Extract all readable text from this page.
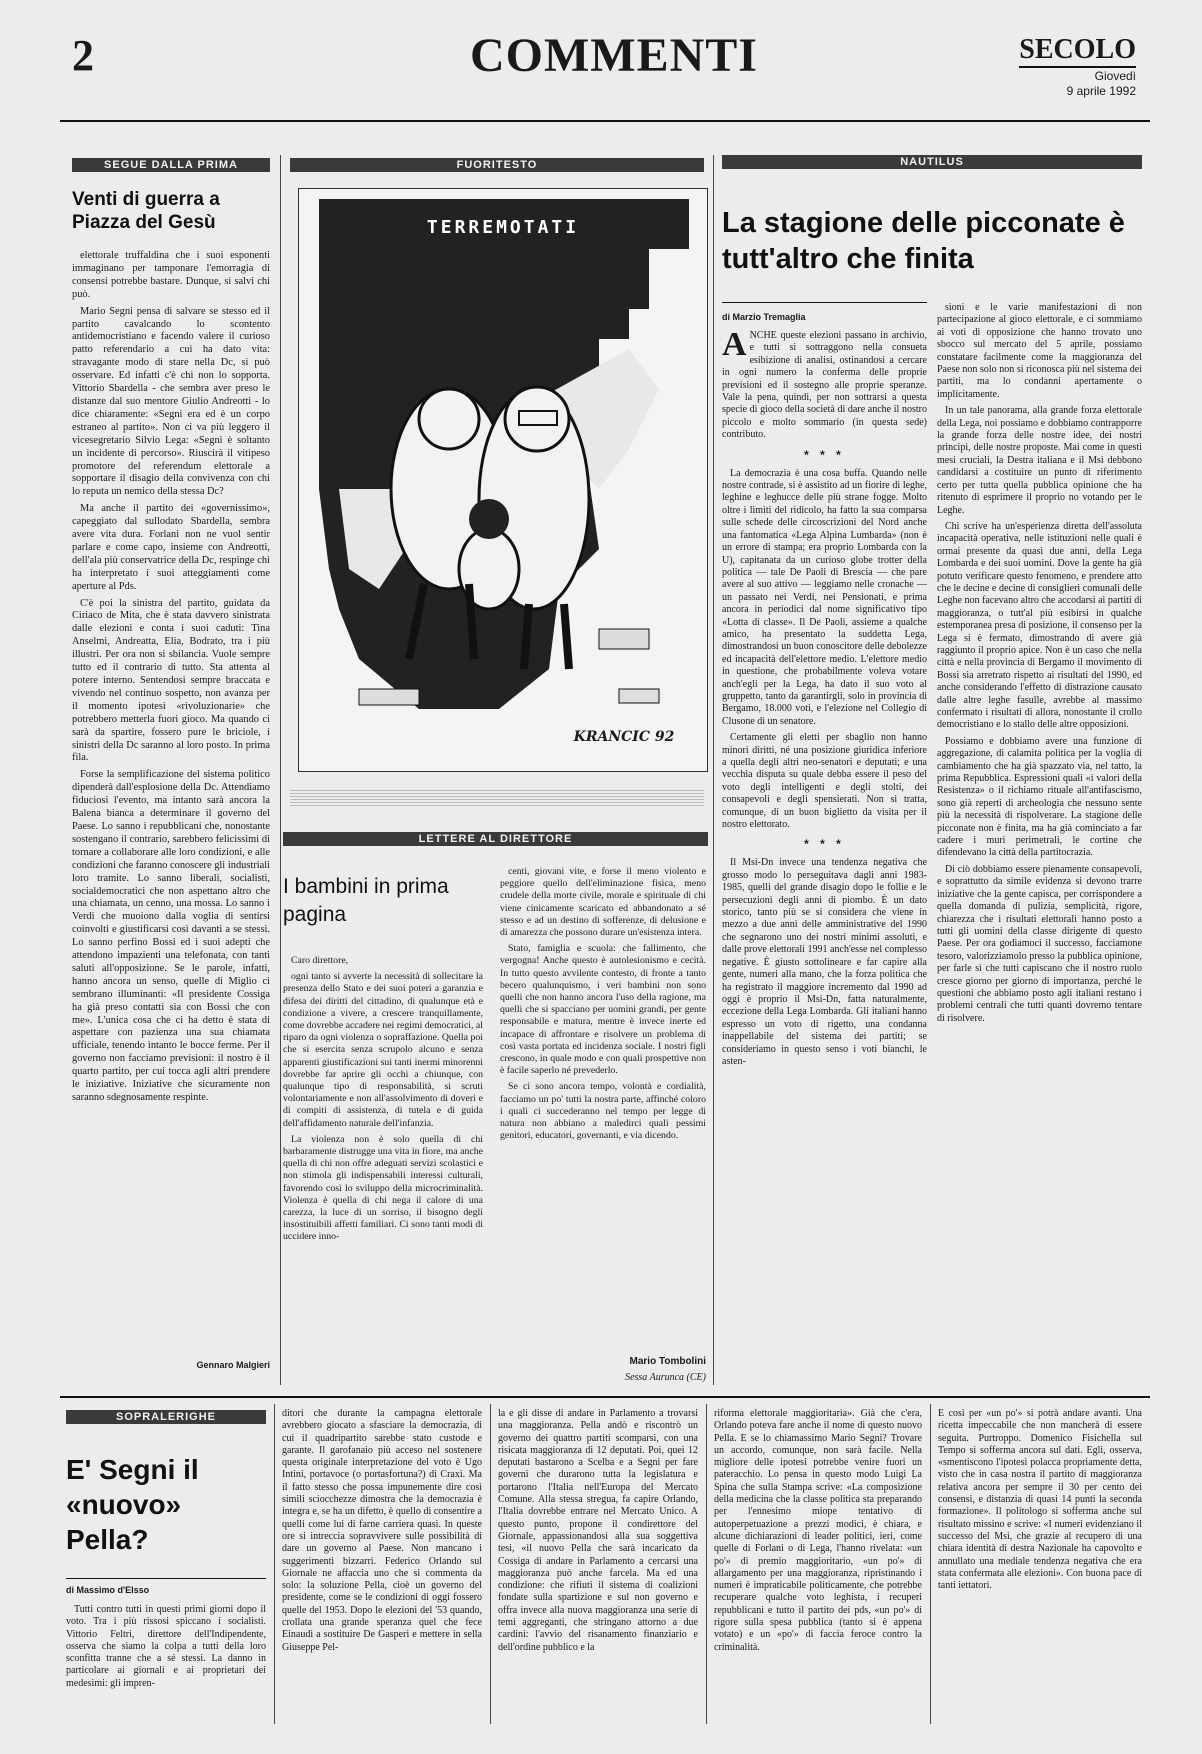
2	COMMENTI	SECOLO
Giovedì
9 aprile 1992
SEGUE DALLA PRIMA
Venti di guerra a Piazza del Gesù

elettorale truffaldina che i suoi esponenti immaginano per tamponare l'emorragia di consensi potrebbe bastare. Dunque, si salvi chi può.

Mario Segni pensa di salvare se stesso ed il partito cavalcando lo scontento antidemocristiano e facendo valere il curioso patto referendario a cui ha dato vita: stravagante modo di stare nella Dc, si può osservare. Ed infatti c'è chi non lo sopporta. Vittorio Sbardella - che sembra aver preso le distanze dal suo mentore Giulio Andreotti - lo dice chiaramente: «Segni era ed è un corpo estraneo al partito». Non ci va più leggero il vicesegretario Silvio Lega: «Segni è soltanto un incidente di percorso». Riuscirà il vitipeso promotore del referendum elettorale a sopportare il disagio della convivenza con chi lo reputa un nemico della stessa Dc?

Ma anche il partito dei «governissimo», capeggiato dal sullodato Sbardella, sembra avere vita dura. Forlani non ne vuol sentir parlare e come capo, insieme con Andreotti, dell'ala più conservatrice della Dc, respinge chi ha interpretato i suoi atteggiamenti come aperture al Pds.

C'è poi la sinistra del partito, guidata da Ciriaco de Mita, che è stata davvero sinistrata dalle elezioni e conta i suoi caduti: Tina Anselmi, Andreatta, Elia, Bodrato, tra i più illustri. Per ora non si sbilancia. Vuole sempre tutto ed il contrario di tutto. Sta attenta al potere interno. Sentendosi sempre braccata e vivendo nel continuo sospetto, non avanza per il momento ipotesi «rivoluzionarie» che potrebbero metterla fuori gioco. Ma quando ci sarà da spartire, fossero pure le briciole, i sinistri della Dc saranno al loro posto. In prima fila.

Forse la semplificazione del sistema politico dipenderà dall'esplosione della Dc. Attendiamo fiduciosi l'evento, ma intanto sarà ancora la Balena bianca a determinare il governo del Paese. Lo sanno i repubblicani che, nonostante sostengano il contrario, sarebbero felicissimi di tornare a collaborare alle loro condizioni, e alle condizioni che faranno conoscere gli industriali loro tramite. Lo sanno liberali, socialisti, socialdemocratici che non aspettano altro che una chiamata, un cenno, una mossa. Lo sanno i Verdi che muoiono dalla voglia di sentirsi coinvolti e giustificarsi così davanti a se stessi. Lo sanno perfino Bossi ed i suoi adepti che attendono impazienti una telefonata, con tanti saluti all'opposizione. Se le parole, infatti, hanno ancora un senso, quelle di Miglio ci sembrano illuminanti: «Il presidente Cossiga ha già preso contatti sia con Bossi che con me». L'unica cosa che ci ha detto è stata di aspettare con pazienza una sua chiamata ufficiale, tenendo intanto le bocce ferme. Per il governo non facciamo previsioni: il nostro è il quarto partito, per cui tocca agli altri prendere le iniziative. Iniziative che sicuramente non saranno sdegnosamente respinte.

Gennaro Malgieri
FUORITESTO
TERREMOTATI
KRANCIC 92
LETTERE AL DIRETTORE
I bambini in prima pagina

Caro direttore,

ogni tanto si avverte la necessità di sollecitare la presenza dello Stato e dei suoi poteri a garanzia e difesa dei diritti del cittadino, di qualunque età e condizione a vivere, a crescere tranquillamente, come dovrebbe accadere nei regimi democratici, al riparo da ogni violenza o sopraffazione. Quella poi che si esercita senza scrupolo alcuno e senza apparenti giustificazioni sui tanti inermi minorenni dovrebbe far aprire gli occhi a chiunque, con qualunque tipo di responsabilità, si scruti volontariamente e non all'assolvimento di doveri e di compiti di assistenza, di tutela e di guida dell'affidamento naturale dell'infanzia.

La violenza non è solo quella di chi barbaramente distrugge una vita in fiore, ma anche quella di chi non offre adeguati servizi scolastici e non stimola gli indispensabili interessi culturali, favorendo così lo sviluppo della microcriminalità. Violenza è quella di chi nega il calore di una carezza, la luce di un sorriso, il bisogno degli insostituibili affetti familiari. Ci sono tanti modi di uccidere inno-

centi, giovani vite, e forse il meno violento e peggiore quello dell'eliminazione fisica, meno crudele della morte civile, morale e spirituale di chi viene cinicamente scaricato ed abbandonato a sé stesso e ad un destino di sofferenze, di delusione e di amarezza che possono durare un'esistenza intera.

Stato, famiglia e scuola: che fallimento, che vergogna! Anche questo è autolesionismo e cecità. In tutto questo avvilente contesto, di fronte a tanto becero qualunquismo, i veri bambini non sono quelli che non hanno ancora l'uso della ragione, ma quelli che si spacciano per uomini grandi, per gente responsabile e matura, mentre è invece inerte ed incapace di affrontare e risolvere un problema di così vasta portata ed incidenza sociale. I nostri figli crescono, in quale modo e con quali prospettive non è facile saperlo né prevederlo.

Se ci sono ancora tempo, volontà e cordialità, facciamo un po' tutti la nostra parte, affinché coloro i quali ci succederanno nel tempo per legge di natura non abbiano a maledirci quali pessimi genitori, educatori, governanti, e via dicendo.

Mario Tombolini
Sessa Aurunca (CE)
NAUTILUS
La stagione delle picconate è tutt'altro che finita
di Marzio Tremaglia

ANCHE queste elezioni passano in archivio, e tutti si sottraggono nella consueta esibizione di analisi, ostinandosi a cercare in ogni numero la conferma delle proprie previsioni ed il sostegno alle proprie speranze. Vale la pena, quindi, per non sottrarsi a questa specie di gioco della società di dare anche il nostro piccolo e molto sommario (in questa sede) contributo.

* * *

La democrazia è una cosa buffa. Quando nelle nostre contrade, si è assistito ad un fiorire di leghe, leghine e leghucce delle più strane fogge. Molto oltre i limiti del ridicolo, ha fatto la sua comparsa sulle schede delle circoscrizioni del Nord anche una fantomatica «Lega Alpina Lumbarda» (non è un errore di stampa; era proprio Lombarda con la U), capitanata da un curioso globe trotter della politica — tale De Paoli di Brescia — che pare avere al suo attivo — leggiamo nelle cronache — un passato nei Verdi, nei Pensionati, e prima ancora in periodici dal nome significativo tipo «Lotta di classe». Il De Paoli, assieme a qualche amico, ha presentato la suddetta Lega, dimostrandosi un buon conoscitore delle debolezze ed incapacità dell'elettore medio. L'elettore medio in questione, che probabilmente voleva votare anch'egli per la Lega, ha dato il suo voto al gruppetto, tanto da garantirgli, solo in provincia di Bergamo, 18.000 voti, e l'elezione nel Collegio di Clusone di un senatore.

Certamente gli eletti per sbaglio non hanno minori diritti, né una posizione giuridica inferiore a quella degli altri neo-senatori e deputati; e una vecchia disputa su quale debba essere il peso del voto degli intelligenti e degli stolti, dei consapevoli e degli spensierati. Non si tratta, comunque, di un buon biglietto da visita per il nostro elettorato.

* * *

Il Msi-Dn invece una tendenza negativa che grosso modo lo perseguitava dagli anni 1983-1985, quelli del grande disagio dopo le follie e le persecuzioni degli anni di piombo. È un dato storico, tanto più se si considera che viene in mezzo a due anni delle amministrative del 1990 che segnarono uno dei nostri minimi assoluti, e dalle prove elettorali 1991 anch'esse nel complesso negative. È giusto sottolineare e far capire alla gente, numeri alla mano, che la forza politica che ha registrato il maggiore incremento dal 1990 ad oggi è proprio il Msi-Dn, fatta naturalmente, eccezione della Lega Lombarda. Gli italiani hanno espresso un voto di rigetto, una condanna inappellabile del sistema dei partiti; se consideriamo in questo senso i voti bianchi, le asten-

sioni e le varie manifestazioni di non partecipazione al gioco elettorale, e ci sommiamo ai voti di opposizione che hanno trovato uno sbocco sul mercato del 5 aprile, possiamo constatare facilmente come la maggioranza del Paese non solo non si riconosca più nel sistema dei partiti, ma lo condanni apertamente o implicitamente.

In un tale panorama, alla grande forza elettorale della Lega, noi possiamo e dobbiamo contrapporre la grande forza delle nostre idee, dei nostri principi, delle nostre proposte. Mai come in questi mesi cruciali, la Destra italiana e il Msi debbono candidarsi a costituire un punto di riferimento certo per tutta quella pubblica opinione che ha ritenuto di esprimere il proprio no votando per le Leghe.

Chi scrive ha un'esperienza diretta dell'assoluta incapacità operativa, nelle istituzioni nelle quali è ormai presente da quasi due anni, della Lega Lombarda e dei suoi uomini. Dove la gente ha già potuto verificare questo fenomeno, e prendere atto che le decine e decine di consiglieri comunali delle Leghe non facevano altro che accodarsi ai partiti di maggioranza, o tutt'al più esibirsi in qualche estemporanea presa di posizione, il consenso per la Lega si è fermato, dimostrando di avere già raggiunto il proprio apice. Non è un caso che nella città e nella provincia di Bergamo il movimento di Bossi sia arretrato rispetto ai risultati del 1990, ed anche considerando l'effetto di distrazione causato dalle altre leghe fasulle, avrebbe al massimo confermato i risultati di allora, nonostante il crollo democristiano e lo stallo delle altre opposizioni.

Possiamo e dobbiamo avere una funzione di aggregazione, di calamita politica per la voglia di cambiamento che ha già spazzato via, nel tatto, la prima Repubblica. Espressioni quali «i valori della Resistenza» o il richiamo rituale all'antifascismo, sono già reperti di archeologia che nessuno sente più la necessità di rispolverare. La stagione delle picconate non è finita, ma ha già cominciato a far cadere i muri perimetrali, le cortine che difendevano la città della partitocrazia.

Di ciò dobbiamo essere pienamente consapevoli, e soprattutto da simile evidenza si devono trarre iniziative che la gente capisca, per corrispondere a quella domanda di pulizia, semplicità, rigore, chiarezza che i risultati elettorali hanno posto a tutti gli uomini della classe dirigente di questo Paese. Per ora godiamoci il successo, facciamone tesoro, valorizziamolo presso la pubblica opinione, per farle sì che tutti capiscano che il nostro ruolo cresce giorno per giorno di importanza, perché le questioni che abbiamo posto agli italiani restano i problemi centrali che tutti quanti dovremo tentare di risolvere.

SOPRALERIGHE
E' Segni il «nuovo» Pella?
di Massimo d'Elsso

Tutti contro tutti in questi primi giorni dopo il voto. Tra i più rissosi spiccano i socialisti. Vittorio Feltri, direttore dell'Indipendente, osserva che siamo la colpa a tutti della loro sconfitta tranne che a sé stessi. La danno in particolare ai giornali e ai proprietari dei medesimi: gli impren-

ditori che durante la campagna elettorale avrebbero giocato a sfasciare la democrazia, di cui il quadripartito sarebbe stato custode e garante. Il garofanaio più acceso nel sostenere questa originale interpretazione del voto è Ugo Intini, portavoce (o portasfortuna?) di Craxi. Ma il fatto stesso che possa impunemente dire così simili sciocchezze dimostra che la democrazia è integra e, se ha un difetto, è quello di consentire a quelli come lui di farne carriera quasi. In queste ore si intreccia sopravvivere sulle possibilità di dare un governo al Paese. Non mancano i suggerimenti bizzarri. Federico Orlando sul Giornale ne affaccia uno che si commenta da solo: la soluzione Pella, cioè un governo del presidente, come se le condizioni di oggi fossero quelle del 1953. Dopo le elezioni del '53 quando, crollata una grande speranza quel che fece Einaudi a sostituire De Gasperi e mettere in sella Giuseppe Pel-

la e gli disse di andare in Parlamento a trovarsi una maggioranza. Pella andò e riscontrò un governo dei quattro partiti scomparsi, con una risicata maggioranza di 12 deputati. Poi, quei 12 deputati bastarono a Scelba e a Segni per fare governi che durarono tutta la legislatura e portarono l'Italia nell'Europa del Mercato Comune. Alla stessa stregua, fa capire Orlando, l'Italia dovrebbe entrare nel Mercato Unico. A questo punto, propone il condirettore del Giornale, appassionandosi alla sua soggettiva tesi, «il nuovo Pella che sarà incaricato da Cossiga di andare in Parlamento a cercarsi una maggioranza può anche farcela. Ma ed una condizione: che rifiuti il sistema di coalizioni fondate sulla spartizione e sul non governo e offra invece alla nuova maggioranza una serie di temi aggreganti, che stringano attorno a due cardini: l'avvio del risanamento finanziario e dell'ordine pubblico e la

riforma elettorale maggioritaria». Già che c'era, Orlando poteva fare anche il nome di questo nuovo Pella. E se lo chiamassimo Mario Segni? Trovare un accordo, comunque, non sarà facile. Nella migliore delle ipotesi potrebbe venire fuori un pateracchio. Lo pensa in questo modo Luigi La Spina che sulla Stampa scrive: «La composizione della medicina che la classe politica sta preparando per l'ennesimo miope tentativo di autoperpetuazione a prezzi modici, è chiara, e alcune dichiarazioni di leader politici, ieri, come quelle di Forlani o di Lega, l'hanno rivelata: «un po'» di premio maggioritario, «un po'» di allargamento per una maggioranza, ripristinando i numeri è impraticabile politicamente, che potrebbe recuperare qualche voto leghista, i recuperi repubblicani e tutto il partito dei pds, «un po'» di rigore sulla spesa pubblica (tanto si è appena votato) e un «po'» di faccia feroce contro la criminalità.

E così per «un po'» si potrà andare avanti. Una ricetta impeccabile che non mancherà di essere seguita. Purtroppo. Domenico Fisichella sul Tempo si sofferma ancora sul dati. Egli, osserva, «smentiscono l'ipotesi polacca propriamente detta, visto che in casa nostra il partito di maggioranza relativa ancora per sempre il 30 per cento dei consensi, e distanzia di quasi 14 punti la seconda formazione». Il politologo si sofferma anche sul risultato missino e scrive: «I numeri evidenziano il successo del Msi, che grazie al recupero di una chiara identità di destra Nazionale ha capovolto e annullato una mediale tendenza negativa che era stata confermata alle elezioni». Con buona pace di tanti iettatori.
